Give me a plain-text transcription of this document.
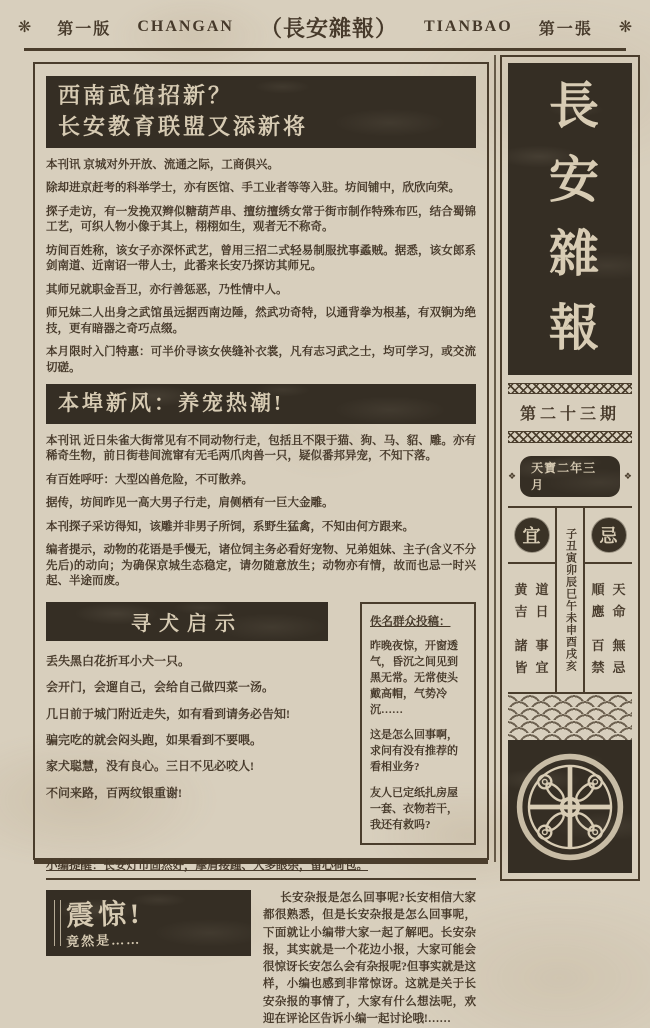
❋ 第一版 CHANGAN （長安雜報） TIANBAO 第一張 ❋
西南武馆招新？
长安教育联盟又添新将

本刊讯 京城对外开放、流通之际，工商俱兴。

除却进京赶考的科举学士，亦有医馆、手工业者等等入驻。坊间铺中，欣欣向荣。

探子走访，有一发挽双辫似糖葫芦串、擅纺擅绣女常于街市制作特殊布匹，结合蜀锦工艺，可织人物小像于其上，栩栩如生，观者无不称奇。

坊间百姓称，该女子亦深怀武艺，曾用三招二式轻易制服扰事蟊贼。据悉，该女郎系剑南道、近南诏一带人士，此番来长安乃探访其师兄。

其师兄就职金吾卫，亦行善惩恶，乃性情中人。

师兄妹二人出身之武馆虽远据西南边陲，然武功奇特，以通背拳为根基，有双锏为绝技，更有暗器之奇巧点缀。

本月限时入门特惠：可半价寻该女侠缝补衣裳，凡有志习武之士，均可学习，或交流切磋。

本埠新风：养宠热潮!

本刊讯 近日朱雀大街常见有不同动物行走，包括且不限于猫、狗、马、貂、雕。亦有稀奇生物，前日街巷间流窜有无毛两爪肉兽一只，疑似番邦异宠，不知下落。

有百姓呼吁：大型凶兽危险，不可散养。

据传，坊间昨见一高大男子行走，肩侧栖有一巨大金雕。

本刊探子采访得知，该雕并非男子所饲，系野生猛禽，不知由何方跟来。

编者提示，动物的花语是手慢无，诸位饲主务必看好宠物、兄弟姐妹、主子(含义不分先后)的动向；为确保京城生态稳定，请勿随意放生；动物亦有情，故而也忌一时兴起、半途而废。

寻犬启示
丢失黑白花折耳小犬一只。
会开门，会遛自己，会给自己做四菜一汤。
几日前于城门附近走失，如有看到请务必告知!
骗完吃的就会闷头跑，如果看到不要喂。
家犬聪慧，没有良心。三日不见必咬人!
不问来路，百两纹银重谢!
佚名群众投稿：

昨晚夜惊，开窗透气，昏沉之间见到黑无常。无常使头戴高帽，气势冷沉……

这是怎么回事啊，求问有没有推荐的看相业务?

友人已定纸扎房屋一套、衣物若干，我还有救吗?

小编提醒：长安灯市固然好，摩肩接踵、人多眼杂，留心荷包。
震惊!
竟然是……
长安杂报是怎么回事呢?长安相信大家都很熟悉，但是长安杂报是怎么回事呢，下面就让小编带大家一起了解吧。长安杂报，其实就是一个花边小报，大家可能会很惊讶长安怎么会有杂报呢?但事实就是这样，小编也感到非常惊讶。这就是关于长安杂报的事情了，大家有什么想法呢，欢迎在评论区告诉小编一起讨论哦!……
長安雜報
第二十三期
❖
天寶二年三月
❖
宜
黄道
吉日
諸事
皆宜 子丑寅卯辰巳午未申酉戌亥	忌
順天
應命
百無
禁忌
